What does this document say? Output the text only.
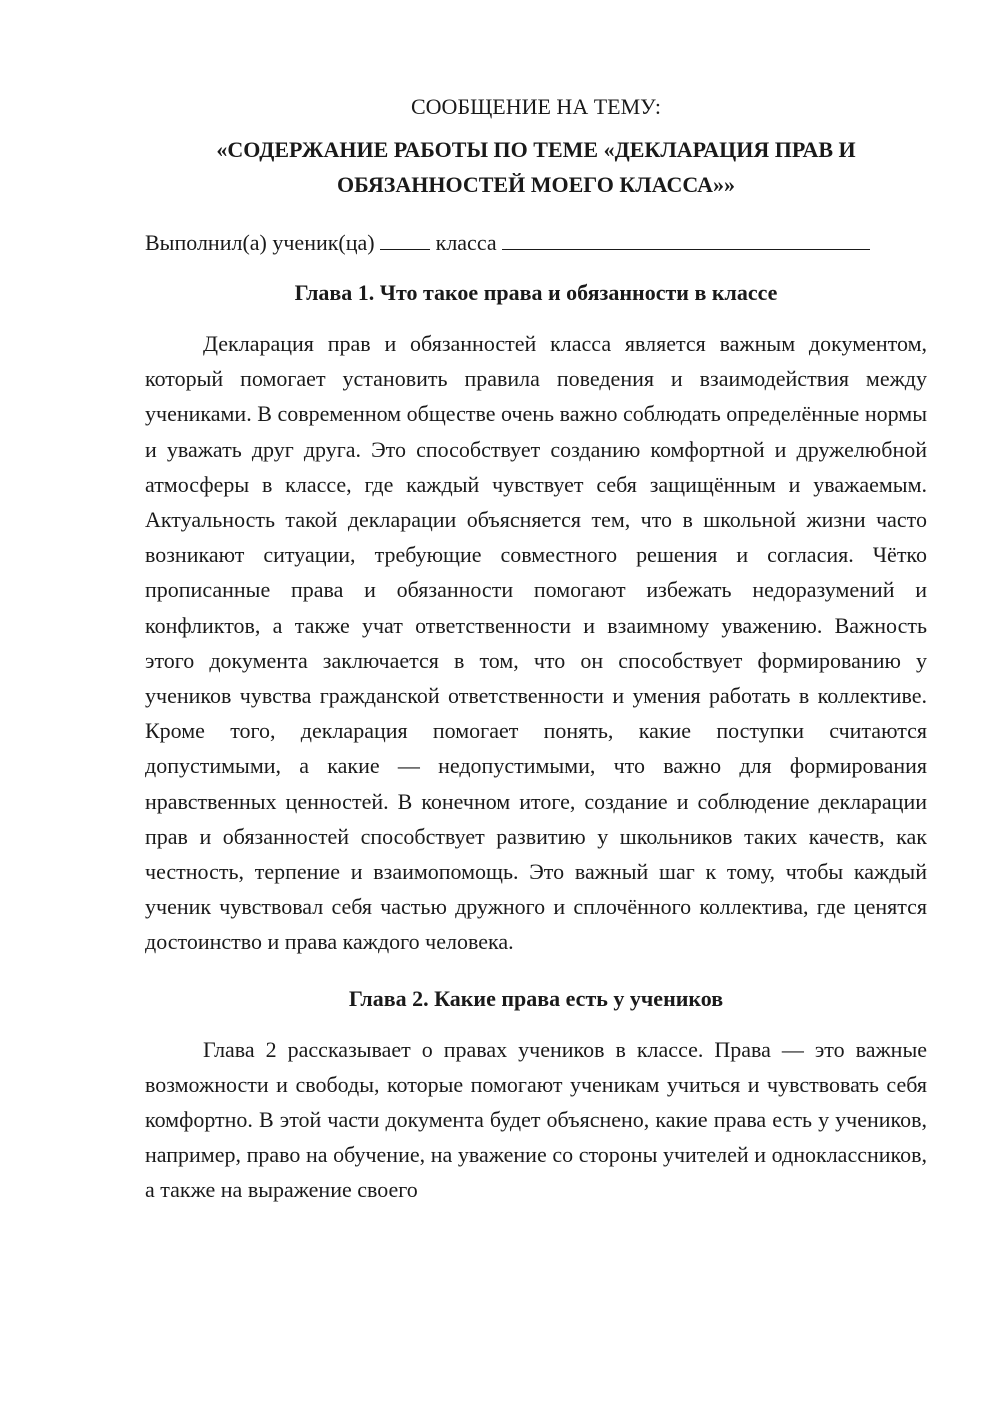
СООБЩЕНИЕ НА ТЕМУ:

«СОДЕРЖАНИЕ РАБОТЫ ПО ТЕМЕ «ДЕКЛАРАЦИЯ ПРАВ И ОБЯЗАННОСТЕЙ МОЕГО КЛАССА»»

Выполнил(а) ученик(ца)	класса

Глава 1. Что такое права и обязанности в классе

Декларация прав и обязанностей класса является важным документом, который помогает установить правила поведения и взаимодействия между учениками. В современном обществе очень важно соблюдать определённые нормы и уважать друг друга. Это способствует созданию комфортной и дружелюбной атмосферы в классе, где каждый чувствует себя защищённым и уважаемым. Актуальность такой декларации объясняется тем, что в школьной жизни часто возникают ситуации, требующие совместного решения и согласия. Чётко прописанные права и обязанности помогают избежать недоразумений и конфликтов, а также учат ответственности и взаимному уважению. Важность этого документа заключается в том, что он способствует формированию у учеников чувства гражданской ответственности и умения работать в коллективе. Кроме того, декларация помогает понять, какие поступки считаются допустимыми, а какие — недопустимыми, что важно для формирования нравственных ценностей. В конечном итоге, создание и соблюдение декларации прав и обязанностей способствует развитию у школьников таких качеств, как честность, терпение и взаимопомощь. Это важный шаг к тому, чтобы каждый ученик чувствовал себя частью дружного и сплочённого коллектива, где ценятся достоинство и права каждого человека.

Глава 2. Какие права есть у учеников

Глава 2 рассказывает о правах учеников в классе. Права — это важные возможности и свободы, которые помогают ученикам учиться и чувствовать себя комфортно. В этой части документа будет объяснено, какие права есть у учеников, например, право на обучение, на уважение со стороны учителей и одноклассников, а также на выражение своего
